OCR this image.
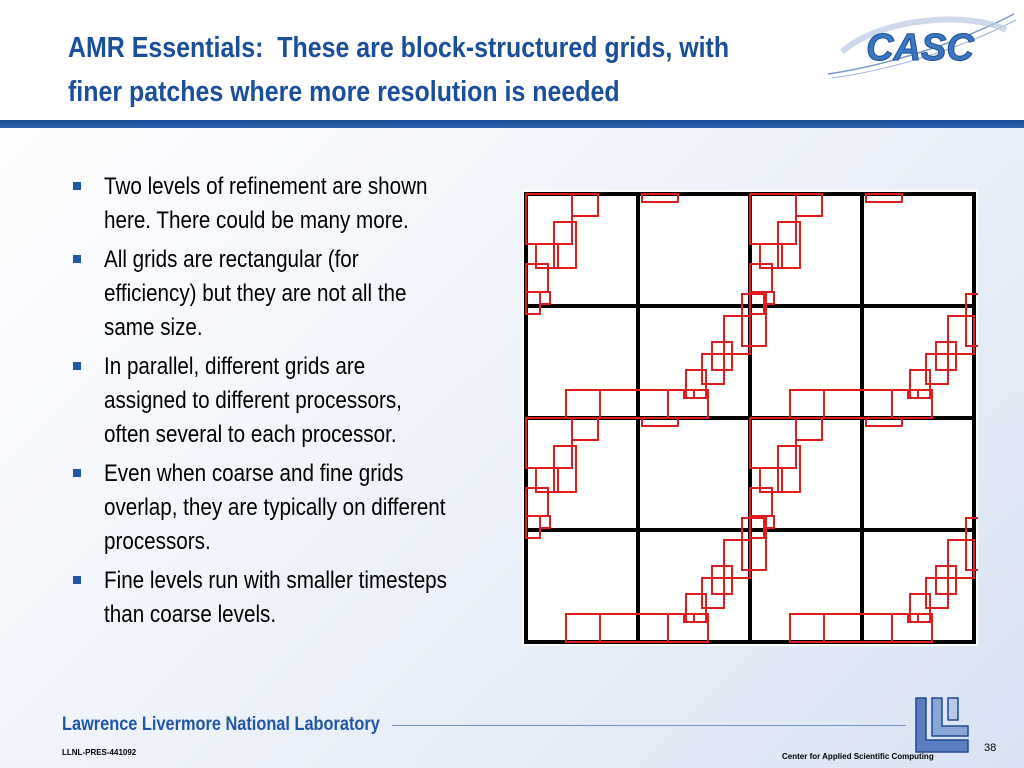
AMR Essentials:  These are block-structured grids, with
finer patches where more resolution is needed
CASC
Two levels of refinement are shown
here. There could be many more.
All grids are rectangular (for
efficiency) but they are not all the
same size.
In parallel, different grids are
assigned to different processors,
often several to each processor.
Even when coarse and fine grids
overlap, they are typically on different
processors.
Fine levels run with smaller timesteps
than coarse levels.
Lawrence Livermore National Laboratory
LLNL-PRES-441092	Center for Applied Scientific Computing
38
